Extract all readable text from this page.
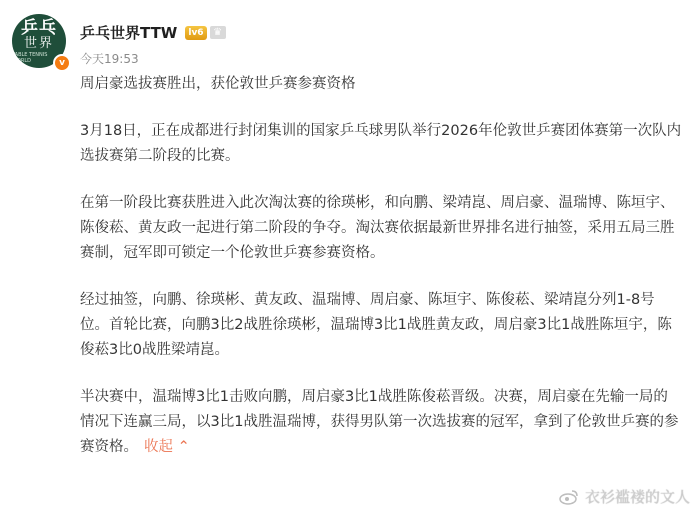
乒乓
世界
TABLE TENNIS WORLD	v
乒乓世界TTW	lv6 ♛
今天19:53

周启豪选拔赛胜出，获伦敦世乒赛参赛资格

3月18日，正在成都进行封闭集训的国家乒乓球男队举行2026年伦敦世乒赛团体赛第一次队内选拔赛第二阶段的比赛。

在第一阶段比赛获胜进入此次淘汰赛的徐瑛彬，和向鹏、梁靖崑、周启豪、温瑞博、陈垣宇、陈俊菘、黄友政一起进行第二阶段的争夺。淘汰赛依据最新世界排名进行抽签，采用五局三胜赛制，冠军即可锁定一个伦敦世乒赛参赛资格。

经过抽签，向鹏、徐瑛彬、黄友政、温瑞博、周启豪、陈垣宇、陈俊菘、梁靖崑分列1-8号位。首轮比赛，向鹏3比2战胜徐瑛彬，温瑞博3比1战胜黄友政，周启豪3比1战胜陈垣宇，陈俊菘3比0战胜梁靖崑。

半决赛中，温瑞博3比1击败向鹏，周启豪3比1战胜陈俊菘晋级。决赛，周启豪在先输一局的情况下连赢三局，以3比1战胜温瑞博，获得男队第一次选拔赛的冠军，拿到了伦敦世乒赛的参赛资格。 收起 ⌃

衣衫褴褛的文人
